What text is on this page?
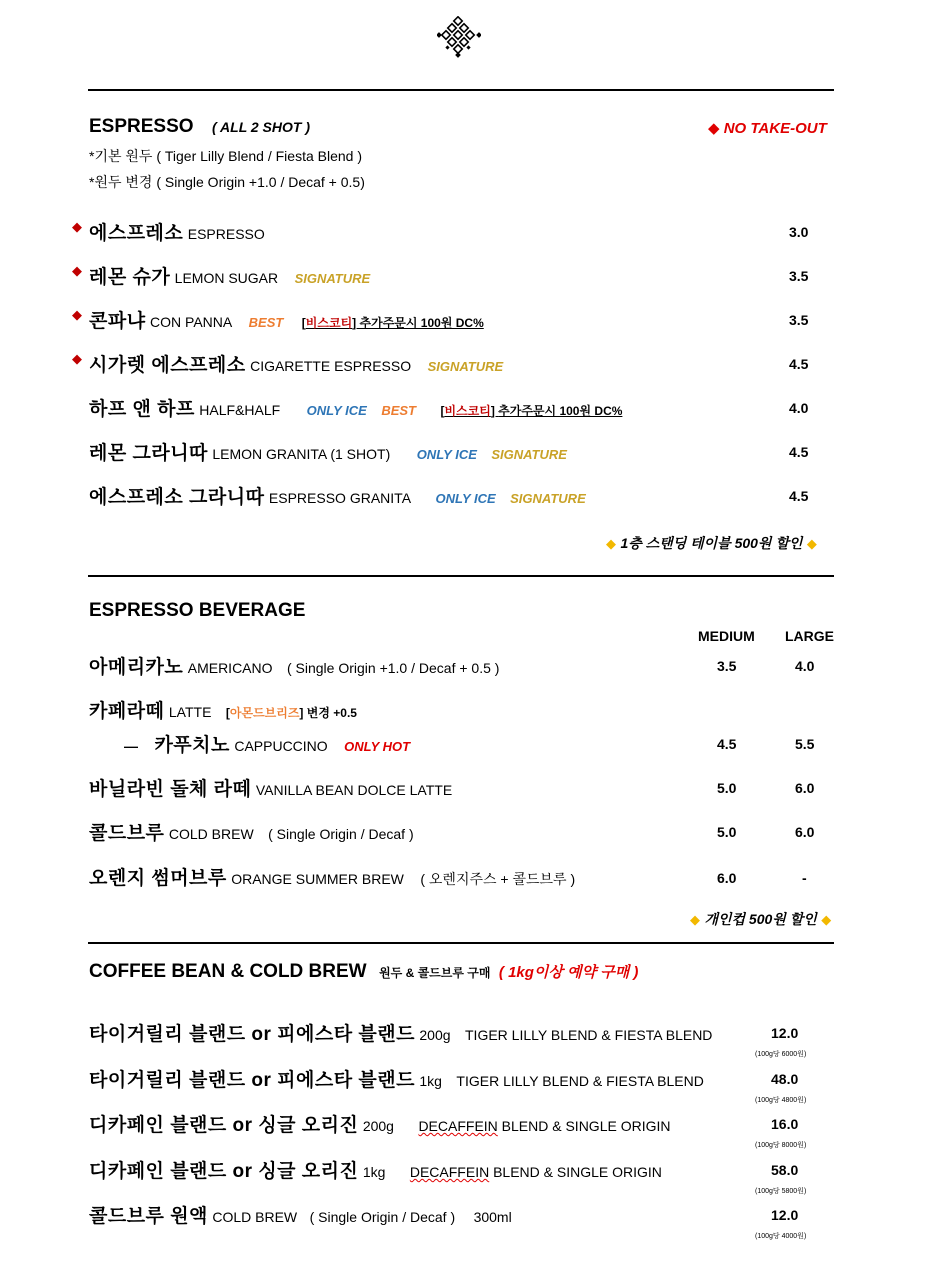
ESPRESSO ( ALL 2 SHOT )	◆ NO TAKE-OUT
*기본 원두 ( Tiger Lilly Blend / Fiesta Blend )
*원두 변경 ( Single Origin +1.0 / Decaf + 0.5)
◆ 에스프레소 ESPRESSO	3.0
◆ 레몬 슈가 LEMON SUGAR SIGNATURE	3.5
◆ 콘파냐 CON PANNA BEST [비스코티] 추가주문시 100원 DC%	3.5
◆ 시가렛 에스프레소 CIGARETTE ESPRESSO SIGNATURE	4.5
하프 앤 하프 HALF&HALF ONLY ICE BEST [비스코티] 추가주문시 100원 DC%	4.0
레몬 그라니따 LEMON GRANITA (1 SHOT) ONLY ICE SIGNATURE	4.5
에스프레소 그라니따 ESPRESSO GRANITA ONLY ICE SIGNATURE	4.5
◆ 1층 스탠딩 테이블 500원 할인 ◆
ESPRESSO BEVERAGE
MEDIUM LARGE
아메리카노 AMERICANO ( Single Origin +1.0 / Decaf + 0.5 )	3.5	4.0
카페라떼 LATTE [아몬드브리즈] 변경 +0.5
— 카푸치노 CAPPUCCINO ONLY HOT	4.5	5.5
바닐라빈 돌체 라떼 VANILLA BEAN DOLCE LATTE	5.0	6.0
콜드브루 COLD BREW ( Single Origin / Decaf )	5.0	6.0
오렌지 썸머브루 ORANGE SUMMER BREW ( 오렌지주스 + 콜드브루 )	6.0	-
◆ 개인컵 500원 할인 ◆
COFFEE BEAN & COLD BREW 원두 & 콜드브루 구매 ( 1kg이상 예약 구매 )
타이거릴리 블랜드 or 피에스타 블랜드 200g TIGER LILLY BLEND & FIESTA BLEND	12.0
(100g당 6000원)
타이거릴리 블랜드 or 피에스타 블랜드 1kg TIGER LILLY BLEND & FIESTA BLEND	48.0
(100g당 4800원)
디카페인 블랜드 or 싱글 오리진 200g DECAFFEIN BLEND & SINGLE ORIGIN	16.0
(100g당 8000원)
디카페인 블랜드 or 싱글 오리진 1kg DECAFFEIN BLEND & SINGLE ORIGIN	58.0
(100g당 5800원)
콜드브루 원액 COLD BREW ( Single Origin / Decaf ) 300ml	12.0
(100g당 4000원)
